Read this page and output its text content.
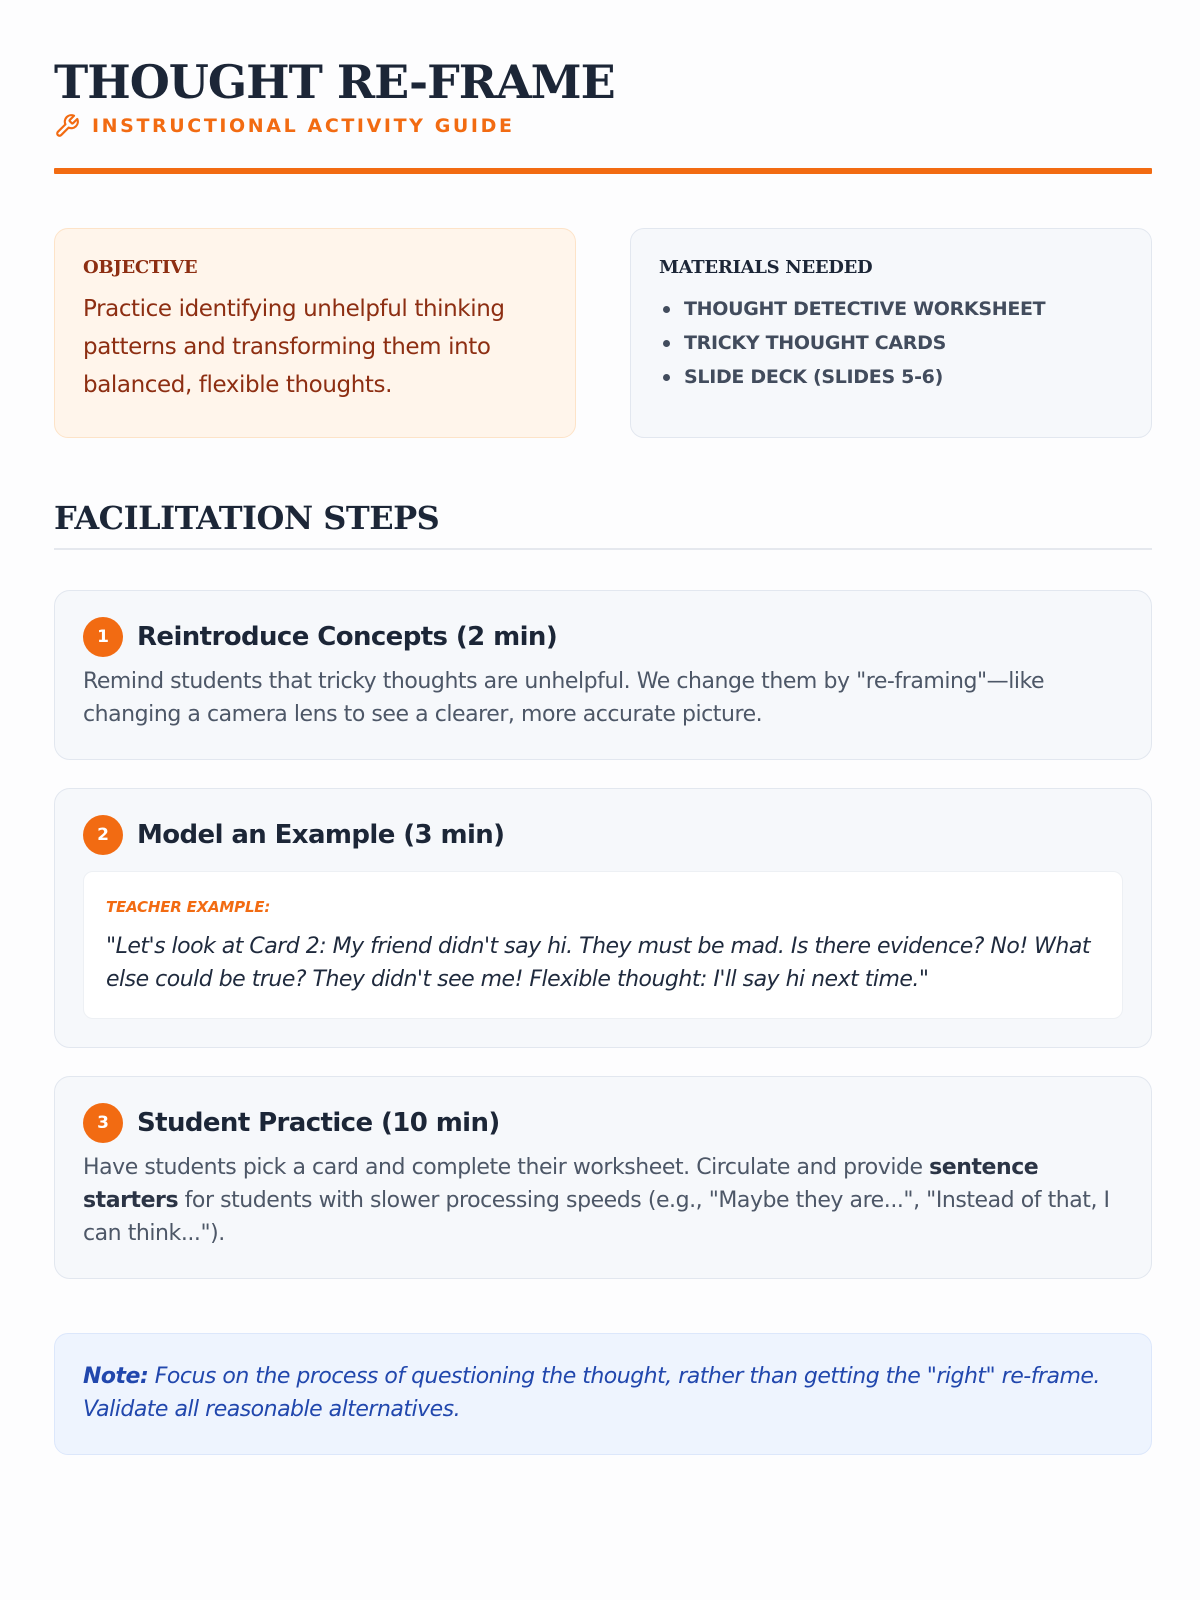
THOUGHT RE-FRAME
INSTRUCTIONAL ACTIVITY GUIDE
OBJECTIVE

Practice identifying unhelpful thinking patterns and transforming them into balanced, flexible thoughts.

MATERIALS NEEDED
THOUGHT DETECTIVE WORKSHEET
TRICKY THOUGHT CARDS
SLIDE DECK (SLIDES 5-6)
FACILITATION STEPS
1	Reintroduce Concepts (2 min)

Remind students that tricky thoughts are unhelpful. We change them by "re-framing"—like changing a camera lens to see a clearer, more accurate picture.

2	Model an Example (3 min)
TEACHER EXAMPLE:

"Let's look at Card 2: My friend didn't say hi. They must be mad. Is there evidence? No! What else could be true? They didn't see me! Flexible thought: I'll say hi next time."

3	Student Practice (10 min)

Have students pick a card and complete their worksheet. Circulate and provide sentence starters for students with slower processing speeds (e.g., "Maybe they are...", "Instead of that, I can think...").

Note: Focus on the process of questioning the thought, rather than getting the "right" re-frame. Validate all reasonable alternatives.
